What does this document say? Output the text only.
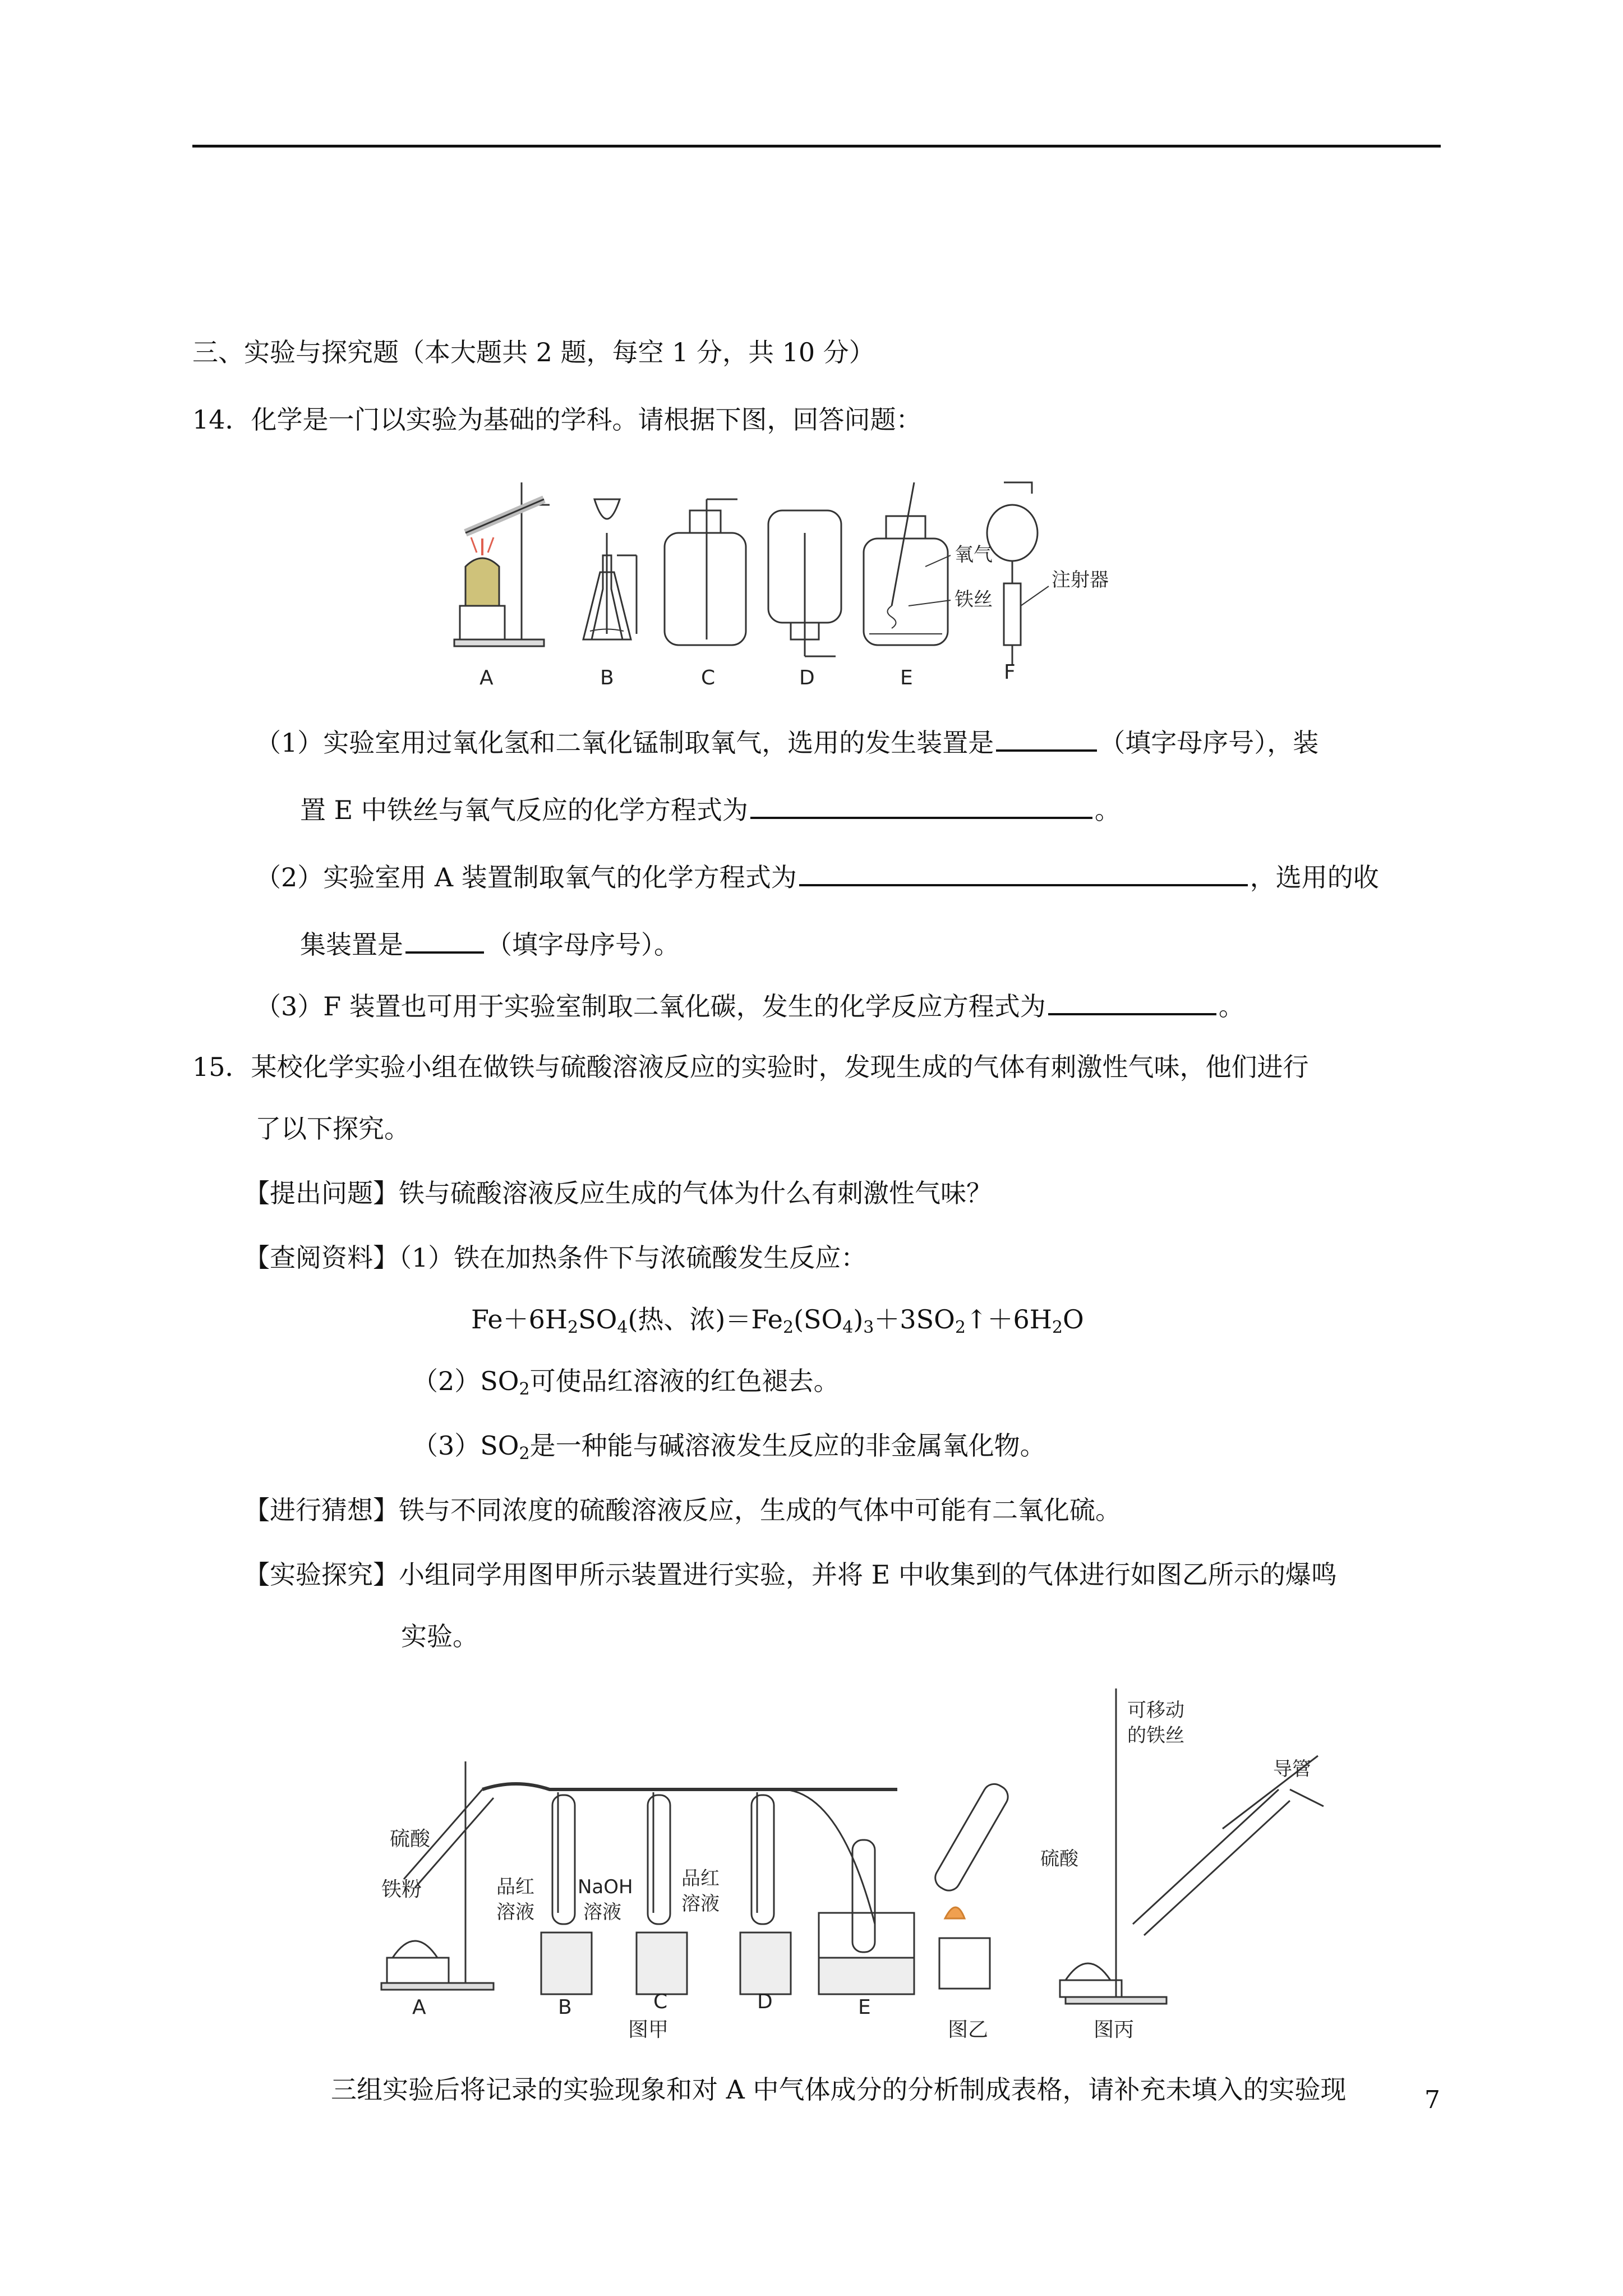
三、实验与探究题（本大题共 2 题，每空 1 分，共 10 分）
14．化学是一门以实验为基础的学科。请根据下图，回答问题：
氧气
铁丝
注射器
A	B	C	D	E	F
（1）实验室用过氧化氢和二氧化锰制取氧气，选用的发生装置是	（填字母序号），装
置 E 中铁丝与氧气反应的化学方程式为	。
（2）实验室用 A 装置制取氧气的化学方程式为	，选用的收
集装置是	（填字母序号）。
（3）F 装置也可用于实验室制取二氧化碳，发生的化学反应方程式为	。
15．某校化学实验小组在做铁与硫酸溶液反应的实验时，发现生成的气体有刺激性气味，他们进行
了以下探究。
【提出问题】铁与硫酸溶液反应生成的气体为什么有刺激性气味？
【查阅资料】（1）铁在加热条件下与浓硫酸发生反应：
$Fe+6H_2SO_4$(热、浓)$=Fe_2(SO_4)_3+3SO_2↑+6H_2O$
$(2)SO_2$可使品红溶液的红色褪去。
$(3)SO_2$是一种能与碱溶液发生反应的非金属氧化物。
【进行猜想】铁与不同浓度的硫酸溶液反应，生成的气体中可能有二氧化硫。
【实验探究】小组同学用图甲所示装置进行实验，并将 E 中收集到的气体进行如图乙所示的爆鸣
实验。
硫酸
铁粉	品红
溶液
NaOH
溶液
品红
溶液
可移动
的铁丝
导管
硫酸
A	B	C	D	E
图甲	图乙	图丙
三组实验后将记录的实验现象和对 A 中气体成分的分析制成表格，请补充未填入的实验现	7
